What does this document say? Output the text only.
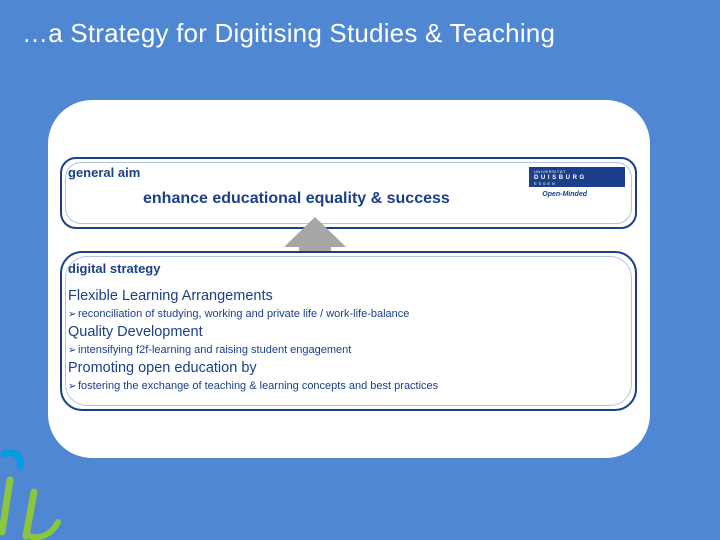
…a Strategy for Digitising Studies & Teaching
general aim
enhance educational equality & success
UNIVERSITÄT
DUISBURG
ESSEN
Open-Minded
digital strategy
Flexible Learning Arrangements
➢ reconciliation of studying, working and private life / work-life-balance
Quality Development
➢ intensifying f2f-learning and raising student engagement
Promoting open education by
➢ fostering the exchange of teaching & learning concepts and best practices
